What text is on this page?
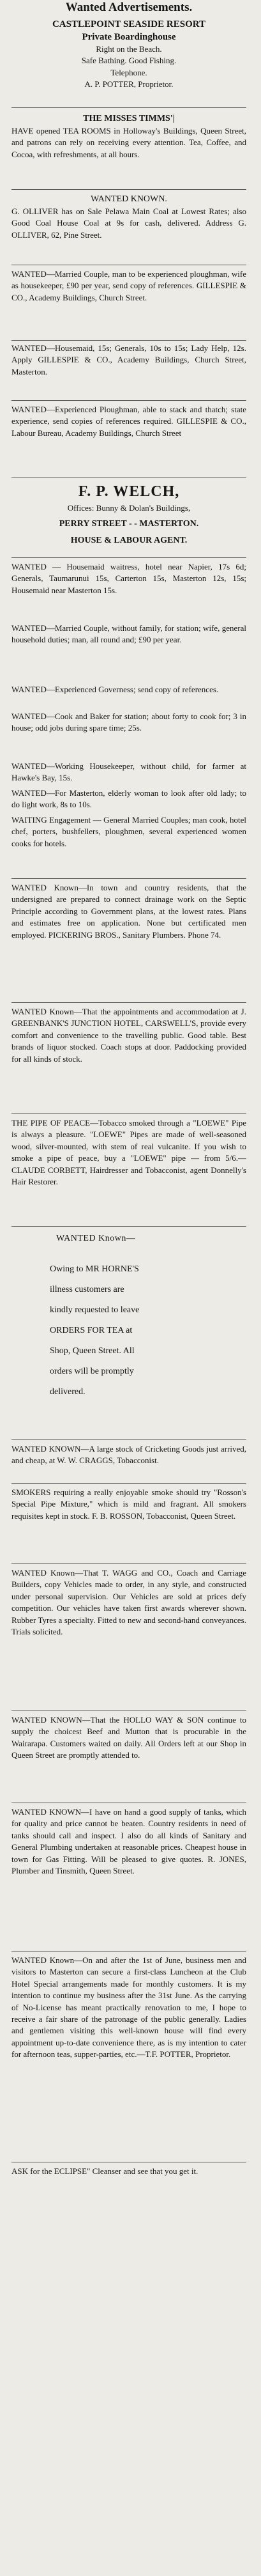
Wanted Advertisements.

CASTLEPOINT SEASIDE RESORT

Private Boardinghouse

Right on the Beach.

Safe Bathing. Good Fishing.

Telephone.

A. P. POTTER, Proprietor.

THE MISSES TIMMS'|

HAVE opened TEA ROOMS in Holloway's Buildings, Queen Street, and patrons can rely on receiving every attention. Tea, Coffee, and Cocoa, with refreshments, at all hours.

WANTED KNOWN.

G. OLLIVER has on Sale Pelawa Main Coal at Lowest Rates; also Good Coal House Coal at 9s for cash, delivered. Address G. OLLIVER, 62, Pine Street.

WANTED—Married Couple, man to be experienced ploughman, wife as housekeeper, £90 per year, send copy of references. GILLESPIE & CO., Academy Buildings, Church Street.

WANTED—Housemaid, 15s; Generals, 10s to 15s; Lady Help, 12s. Apply GILLESPIE & CO., Academy Buildings, Church Street, Masterton.

WANTED—Experienced Ploughman, able to stack and thatch; state experience, send copies of references required. GILLESPIE & CO., Labour Bureau, Academy Buildings, Church Street

F. P. WELCH,

Offices: Bunny & Dolan's Buildings,

PERRY STREET - - MASTERTON.

HOUSE & LABOUR AGENT.

WANTED — Housemaid waitress, hotel near Napier, 17s 6d; Generals, Taumarunui 15s, Carterton 15s, Masterton 12s, 15s; Housemaid near Masterton 15s.

WANTED—Married Couple, without family, for station; wife, general household duties; man, all round and; £90 per year.

WANTED—Experienced Governess; send copy of references.

WANTED—Cook and Baker for station; about forty to cook for; 3 in house; odd jobs during spare time; 25s.

WANTED—Working Housekeeper, without child, for farmer at Hawke's Bay, 15s.

WANTED—For Masterton, elderly woman to look after old lady; to do light work, 8s to 10s.

WAITING Engagement — General Married Couples; man cook, hotel chef, porters, bushfellers, ploughmen, several experienced women cooks for hotels.

WANTED Known—In town and country residents, that the undersigned are prepared to connect drainage work on the Septic Principle according to Government plans, at the lowest rates. Plans and estimates free on application. None but certificated men employed. PICKERING BROS., Sanitary Plumbers. Phone 74.

WANTED Known—That the appointments and accommodation at J. GREENBANK'S JUNCTION HOTEL, CARSWELL'S, provide every comfort and convenience to the travelling public. Good table. Best brands of liquor stocked. Coach stops at door. Paddocking provided for all kinds of stock.

THE PIPE OF PEACE—Tobacco smoked through a "LOEWE" Pipe is always a pleasure. "LOEWE" Pipes are made of well-seasoned wood, silver-mounted, with stem of real vulcanite. If you wish to smoke a pipe of peace, buy a "LOEWE" pipe — from 5/6.—CLAUDE CORBETT, Hairdresser and Tobacconist, agent Donnelly's Hair Restorer.

WANTED Known—

Owing to MR HORNE'S

illness customers are

kindly requested to leave

ORDERS FOR TEA at

Shop, Queen Street. All

orders will be promptly

delivered.

WANTED KNOWN—A large stock of Cricketing Goods just arrived, and cheap, at W. W. CRAGGS, Tobacconist.

SMOKERS requiring a really enjoyable smoke should try "Rosson's Special Pipe Mixture," which is mild and fragrant. All smokers requisites kept in stock. F. B. ROSSON, Tobacconist, Queen Street.

WANTED Known—That T. WAGG and CO., Coach and Carriage Builders, copy Vehicles made to order, in any style, and constructed under personal supervision. Our Vehicles are sold at prices defy competition. Our vehicles have taken first awards wherever shown. Rubber Tyres a specialty. Fitted to new and second-hand conveyances. Trials solicited.

WANTED KNOWN—That the HOLLO WAY & SON continue to supply the choicest Beef and Mutton that is procurable in the Wairarapa. Customers waited on daily. All Orders left at our Shop in Queen Street are promptly attended to.

WANTED KNOWN—I have on hand a good supply of tanks, which for quality and price cannot be beaten. Country residents in need of tanks should call and inspect. I also do all kinds of Sanitary and General Plumbing undertaken at reasonable prices. Cheapest house in town for Gas Fitting. Will be pleased to give quotes. R. JONES, Plumber and Tinsmith, Queen Street.

WANTED Known—On and after the 1st of June, business men and visitors to Masterton can secure a first-class Luncheon at the Club Hotel Special arrangements made for monthly customers. It is my intention to continue my business after the 31st June. As the carrying of No-License has meant practically renovation to me, I hope to receive a fair share of the patronage of the public generally. Ladies and gentlemen visiting this well-known house will find every appointment up-to-date convenience there, as is my intention to cater for afternoon teas, supper-parties, etc.—T.F. POTTER, Proprietor.

ASK for the ECLIPSE" Cleanser and see that you get it.
